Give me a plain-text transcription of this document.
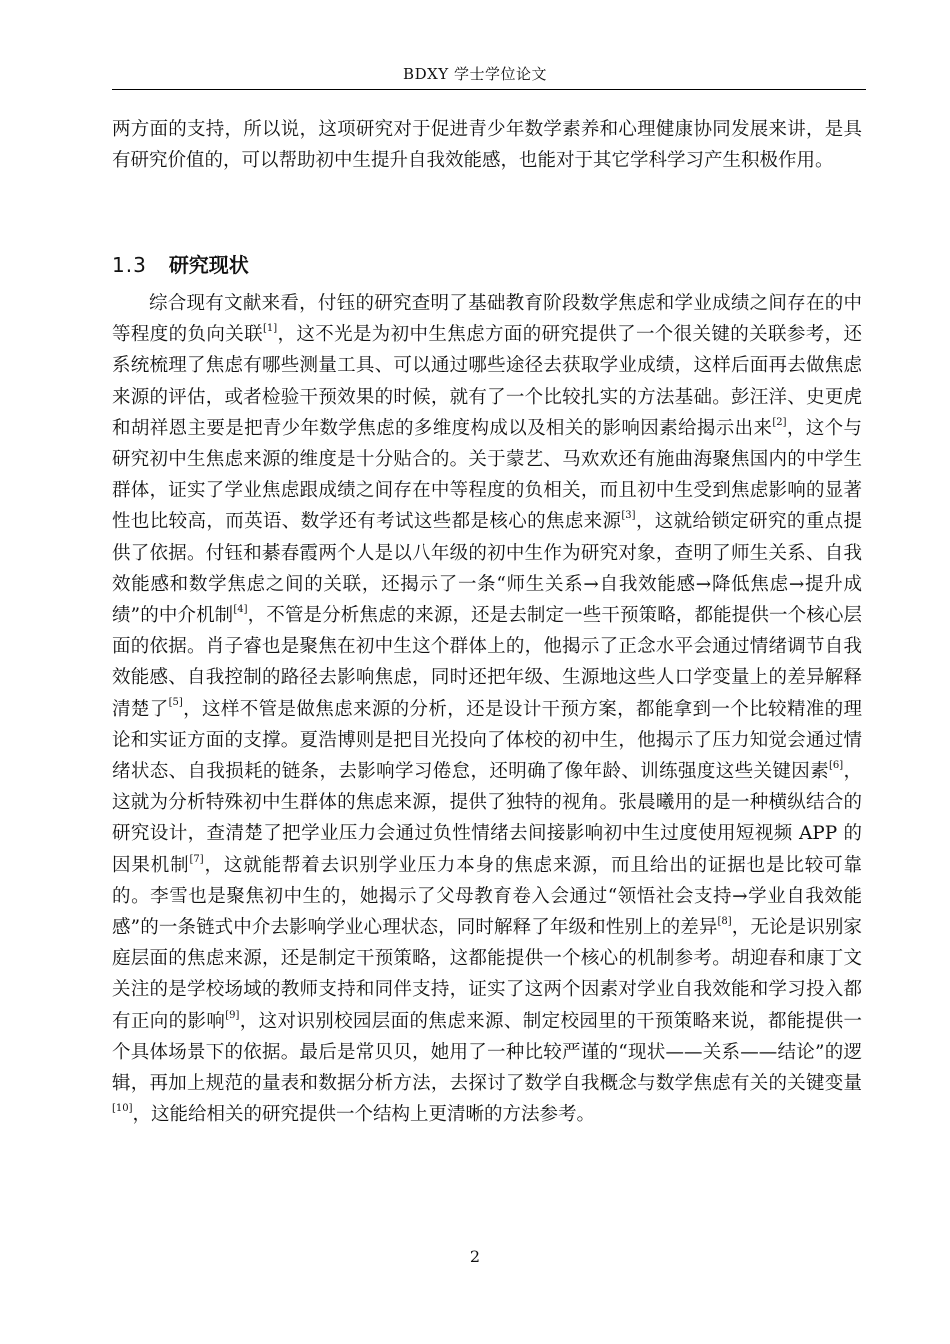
BDXY 学士学位论文

两方面的支持，所以说，这项研究对于促进青少年数学素养和心理健康协同发展来讲，是具有研究价值的，可以帮助初中生提升自我效能感，也能对于其它学科学习产生积极作用。

1.3 研究现状

综合现有文献来看，付钰的研究查明了基础教育阶段数学焦虑和学业成绩之间存在的中等程度的负向关联[1]，这不光是为初中生焦虑方面的研究提供了一个很关键的关联参考，还系统梳理了焦虑有哪些测量工具、可以通过哪些途径去获取学业成绩，这样后面再去做焦虑来源的评估，或者检验干预效果的时候，就有了一个比较扎实的方法基础。彭汪洋、史更虎和胡祥恩主要是把青少年数学焦虑的多维度构成以及相关的影响因素给揭示出来[2]，这个与研究初中生焦虑来源的维度是十分贴合的。关于蒙艺、马欢欢还有施曲海聚焦国内的中学生群体，证实了学业焦虑跟成绩之间存在中等程度的负相关，而且初中生受到焦虑影响的显著性也比较高，而英语、数学还有考试这些都是核心的焦虑来源[3]，这就给锁定研究的重点提供了依据。付钰和綦春霞两个人是以八年级的初中生作为研究对象，查明了师生关系、自我效能感和数学焦虑之间的关联，还揭示了一条“师生关系→自我效能感→降低焦虑→提升成绩”的中介机制[4]，不管是分析焦虑的来源，还是去制定一些干预策略，都能提供一个核心层面的依据。肖子睿也是聚焦在初中生这个群体上的，他揭示了正念水平会通过情绪调节自我效能感、自我控制的路径去影响焦虑，同时还把年级、生源地这些人口学变量上的差异解释清楚了[5]，这样不管是做焦虑来源的分析，还是设计干预方案，都能拿到一个比较精准的理论和实证方面的支撑。夏浩博则是把目光投向了体校的初中生，他揭示了压力知觉会通过情绪状态、自我损耗的链条，去影响学习倦怠，还明确了像年龄、训练强度这些关键因素[6]，这就为分析特殊初中生群体的焦虑来源，提供了独特的视角。张晨曦用的是一种横纵结合的研究设计，查清楚了把学业压力会通过负性情绪去间接影响初中生过度使用短视频 APP 的因果机制[7]，这就能帮着去识别学业压力本身的焦虑来源，而且给出的证据也是比较可靠的。李雪也是聚焦初中生的，她揭示了父母教育卷入会通过“领悟社会支持→学业自我效能感”的一条链式中介去影响学业心理状态，同时解释了年级和性别上的差异[8]，无论是识别家庭层面的焦虑来源，还是制定干预策略，这都能提供一个核心的机制参考。胡迎春和康丁文关注的是学校场域的教师支持和同伴支持，证实了这两个因素对学业自我效能和学习投入都有正向的影响[9]，这对识别校园层面的焦虑来源、制定校园里的干预策略来说，都能提供一个具体场景下的依据。最后是常贝贝，她用了一种比较严谨的“现状——关系——结论”的逻辑，再加上规范的量表和数据分析方法，去探讨了数学自我概念与数学焦虑有关的关键变量[10]，这能给相关的研究提供一个结构上更清晰的方法参考。

2
